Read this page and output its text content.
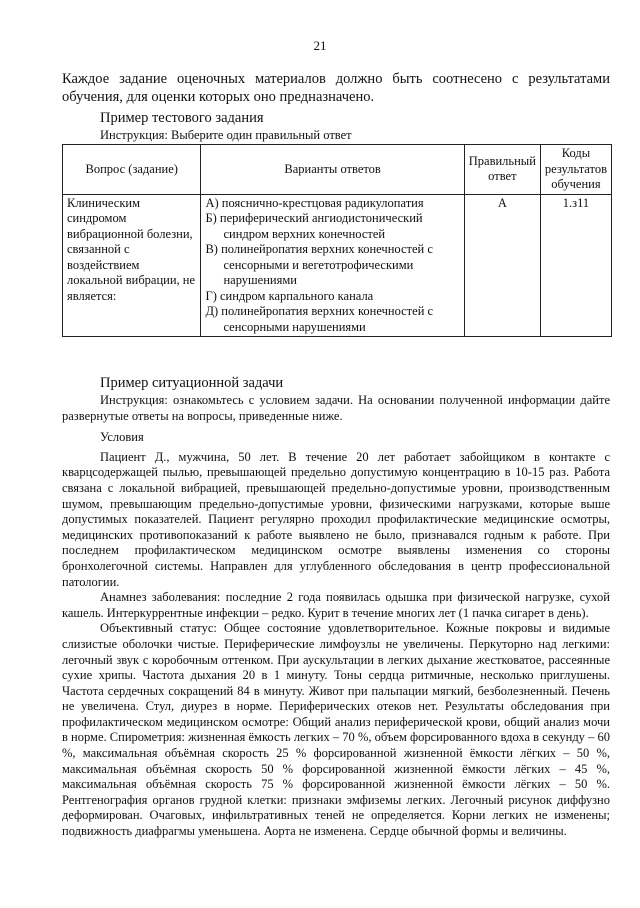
21
Каждое задание оценочных материалов должно быть соотнесено с результатами обучения, для оценки которых оно предназначено.
Пример тестового задания
Инструкция: Выберите один правильный ответ
Вопрос (задание)	Варианты ответов	Правильный ответ	Коды результатов обучения
Клиническим синдромом вибрационной болезни, связанной с воздействием локальной вибрации, не является:	А) пояснично-крестцовая радикулопатия
Б) периферический ангиодистонический синдром верхних конечностей
В) полинейропатия верхних конечностей с сенсорными и вегетотрофическими нарушениями
Г) синдром карпального канала
Д) полинейропатия верхних конечностей с сенсорными нарушениями	А	1.з11
Пример ситуационной задачи

Инструкция: ознакомьтесь с условием задачи. На основании полученной информации дайте развернутые ответы на вопросы, приведенные ниже.

Условия

Пациент Д., мужчина, 50 лет. В течение 20 лет работает забойщиком в контакте с кварцсодержащей пылью, превышающей предельно допустимую концентрацию в 10-15 раз. Работа связана с локальной вибрацией, превышающей предельно-допустимые уровни, производственным шумом, превышающим предельно-допустимые уровни, физическими нагрузками, которые выше допустимых показателей. Пациент регулярно проходил профилактические медицинские осмотры, медицинских противопоказаний к работе выявлено не было, признавался годным к работе. При последнем профилактическом медицинском осмотре выявлены изменения со стороны бронхолегочной системы. Направлен для углубленного обследования в центр профессиональной патологии.

Анамнез заболевания: последние 2 года появилась одышка при физической нагрузке, сухой кашель. Интеркуррентные инфекции – редко. Курит в течение многих лет (1 пачка сигарет в день).

Объективный статус: Общее состояние удовлетворительное. Кожные покровы и видимые слизистые оболочки чистые. Периферические лимфоузлы не увеличены. Перкуторно над легкими: легочный звук с коробочным оттенком. При аускультации в легких дыхание жестковатое, рассеянные сухие хрипы. Частота дыхания 20 в 1 минуту. Тоны сердца ритмичные, несколько приглушены. Частота сердечных сокращений 84 в минуту. Живот при пальпации мягкий, безболезненный. Печень не увеличена. Стул, диурез в норме. Периферических отеков нет. Результаты обследования при профилактическом медицинском осмотре: Общий анализ периферической крови, общий анализ мочи в норме. Спирометрия: жизненная ёмкость легких – 70 %, объем форсированного вдоха в секунду – 60 %, максимальная объёмная скорость 25 % форсированной жизненной ёмкости лёгких – 50 %, максимальная объёмная скорость 50 % форсированной жизненной ёмкости лёгких – 45 %, максимальная объёмная скорость 75 % форсированной жизненной ёмкости лёгких – 50 %. Рентгенография органов грудной клетки: признаки эмфиземы легких. Легочный рисунок диффузно деформирован. Очаговых, инфильтративных теней не определяется. Корни легких не изменены; подвижность диафрагмы уменьшена. Аорта не изменена. Сердце обычной формы и величины.
